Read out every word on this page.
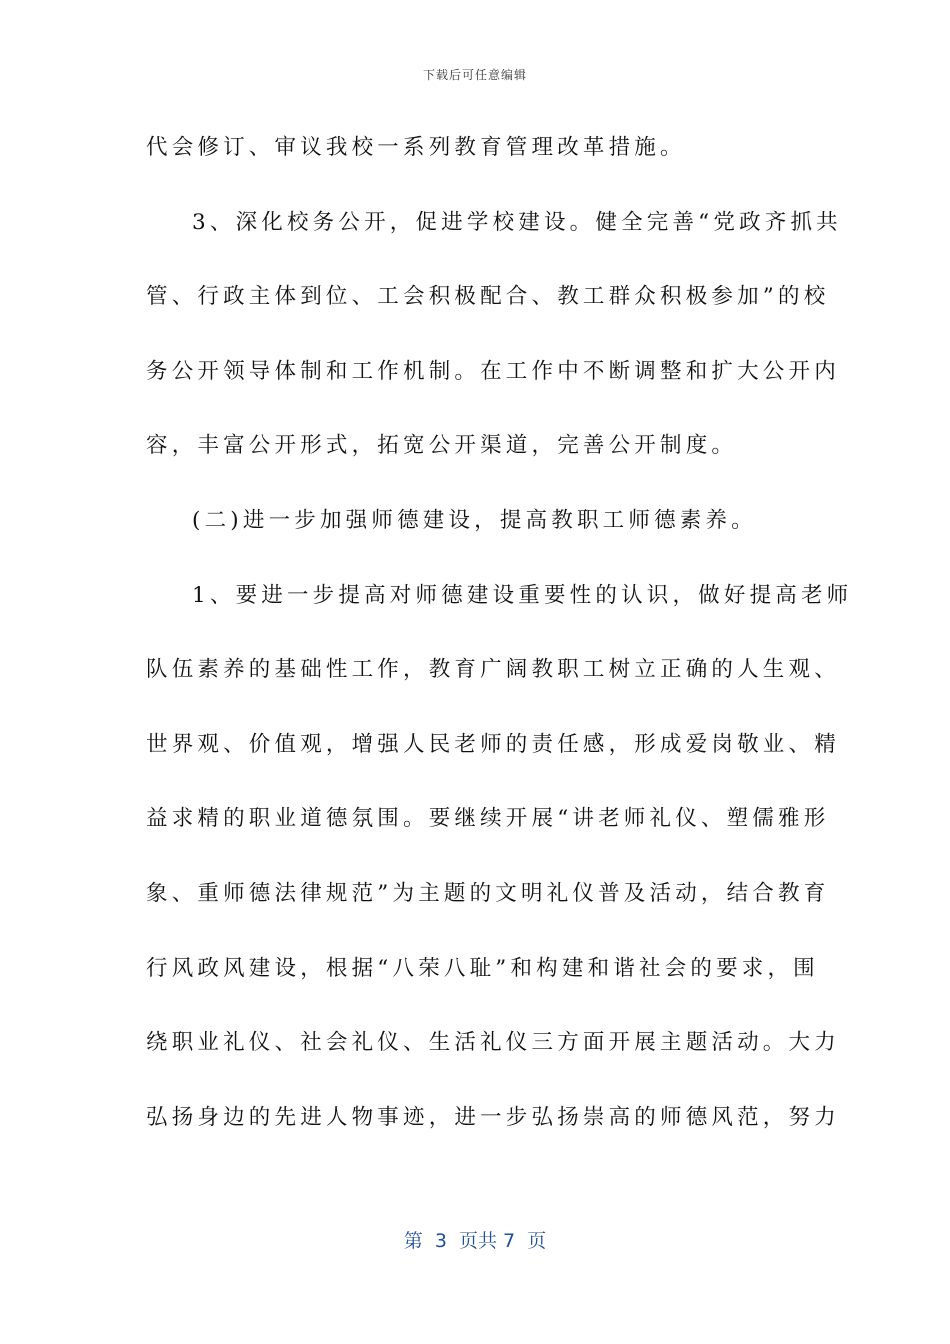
下载后可任意编辑
代会修订、审议我校一系列教育管理改革措施。
3、深化校务公开，促进学校建设。健全完善“党政齐抓共
管、行政主体到位、工会积极配合、教工群众积极参加”的校
务公开领导体制和工作机制。在工作中不断调整和扩大公开内
容，丰富公开形式，拓宽公开渠道，完善公开制度。
(二)进一步加强师德建设，提高教职工师德素养。
1、要进一步提高对师德建设重要性的认识，做好提高老师
队伍素养的基础性工作，教育广阔教职工树立正确的人生观、
世界观、价值观，增强人民老师的责任感，形成爱岗敬业、精
益求精的职业道德氛围。要继续开展“讲老师礼仪、塑儒雅形
象、重师德法律规范”为主题的文明礼仪普及活动，结合教育
行风政风建设，根据“八荣八耻”和构建和谐社会的要求，围
绕职业礼仪、社会礼仪、生活礼仪三方面开展主题活动。大力
弘扬身边的先进人物事迹，进一步弘扬崇高的师德风范，努力
第  3  页共 7  页
